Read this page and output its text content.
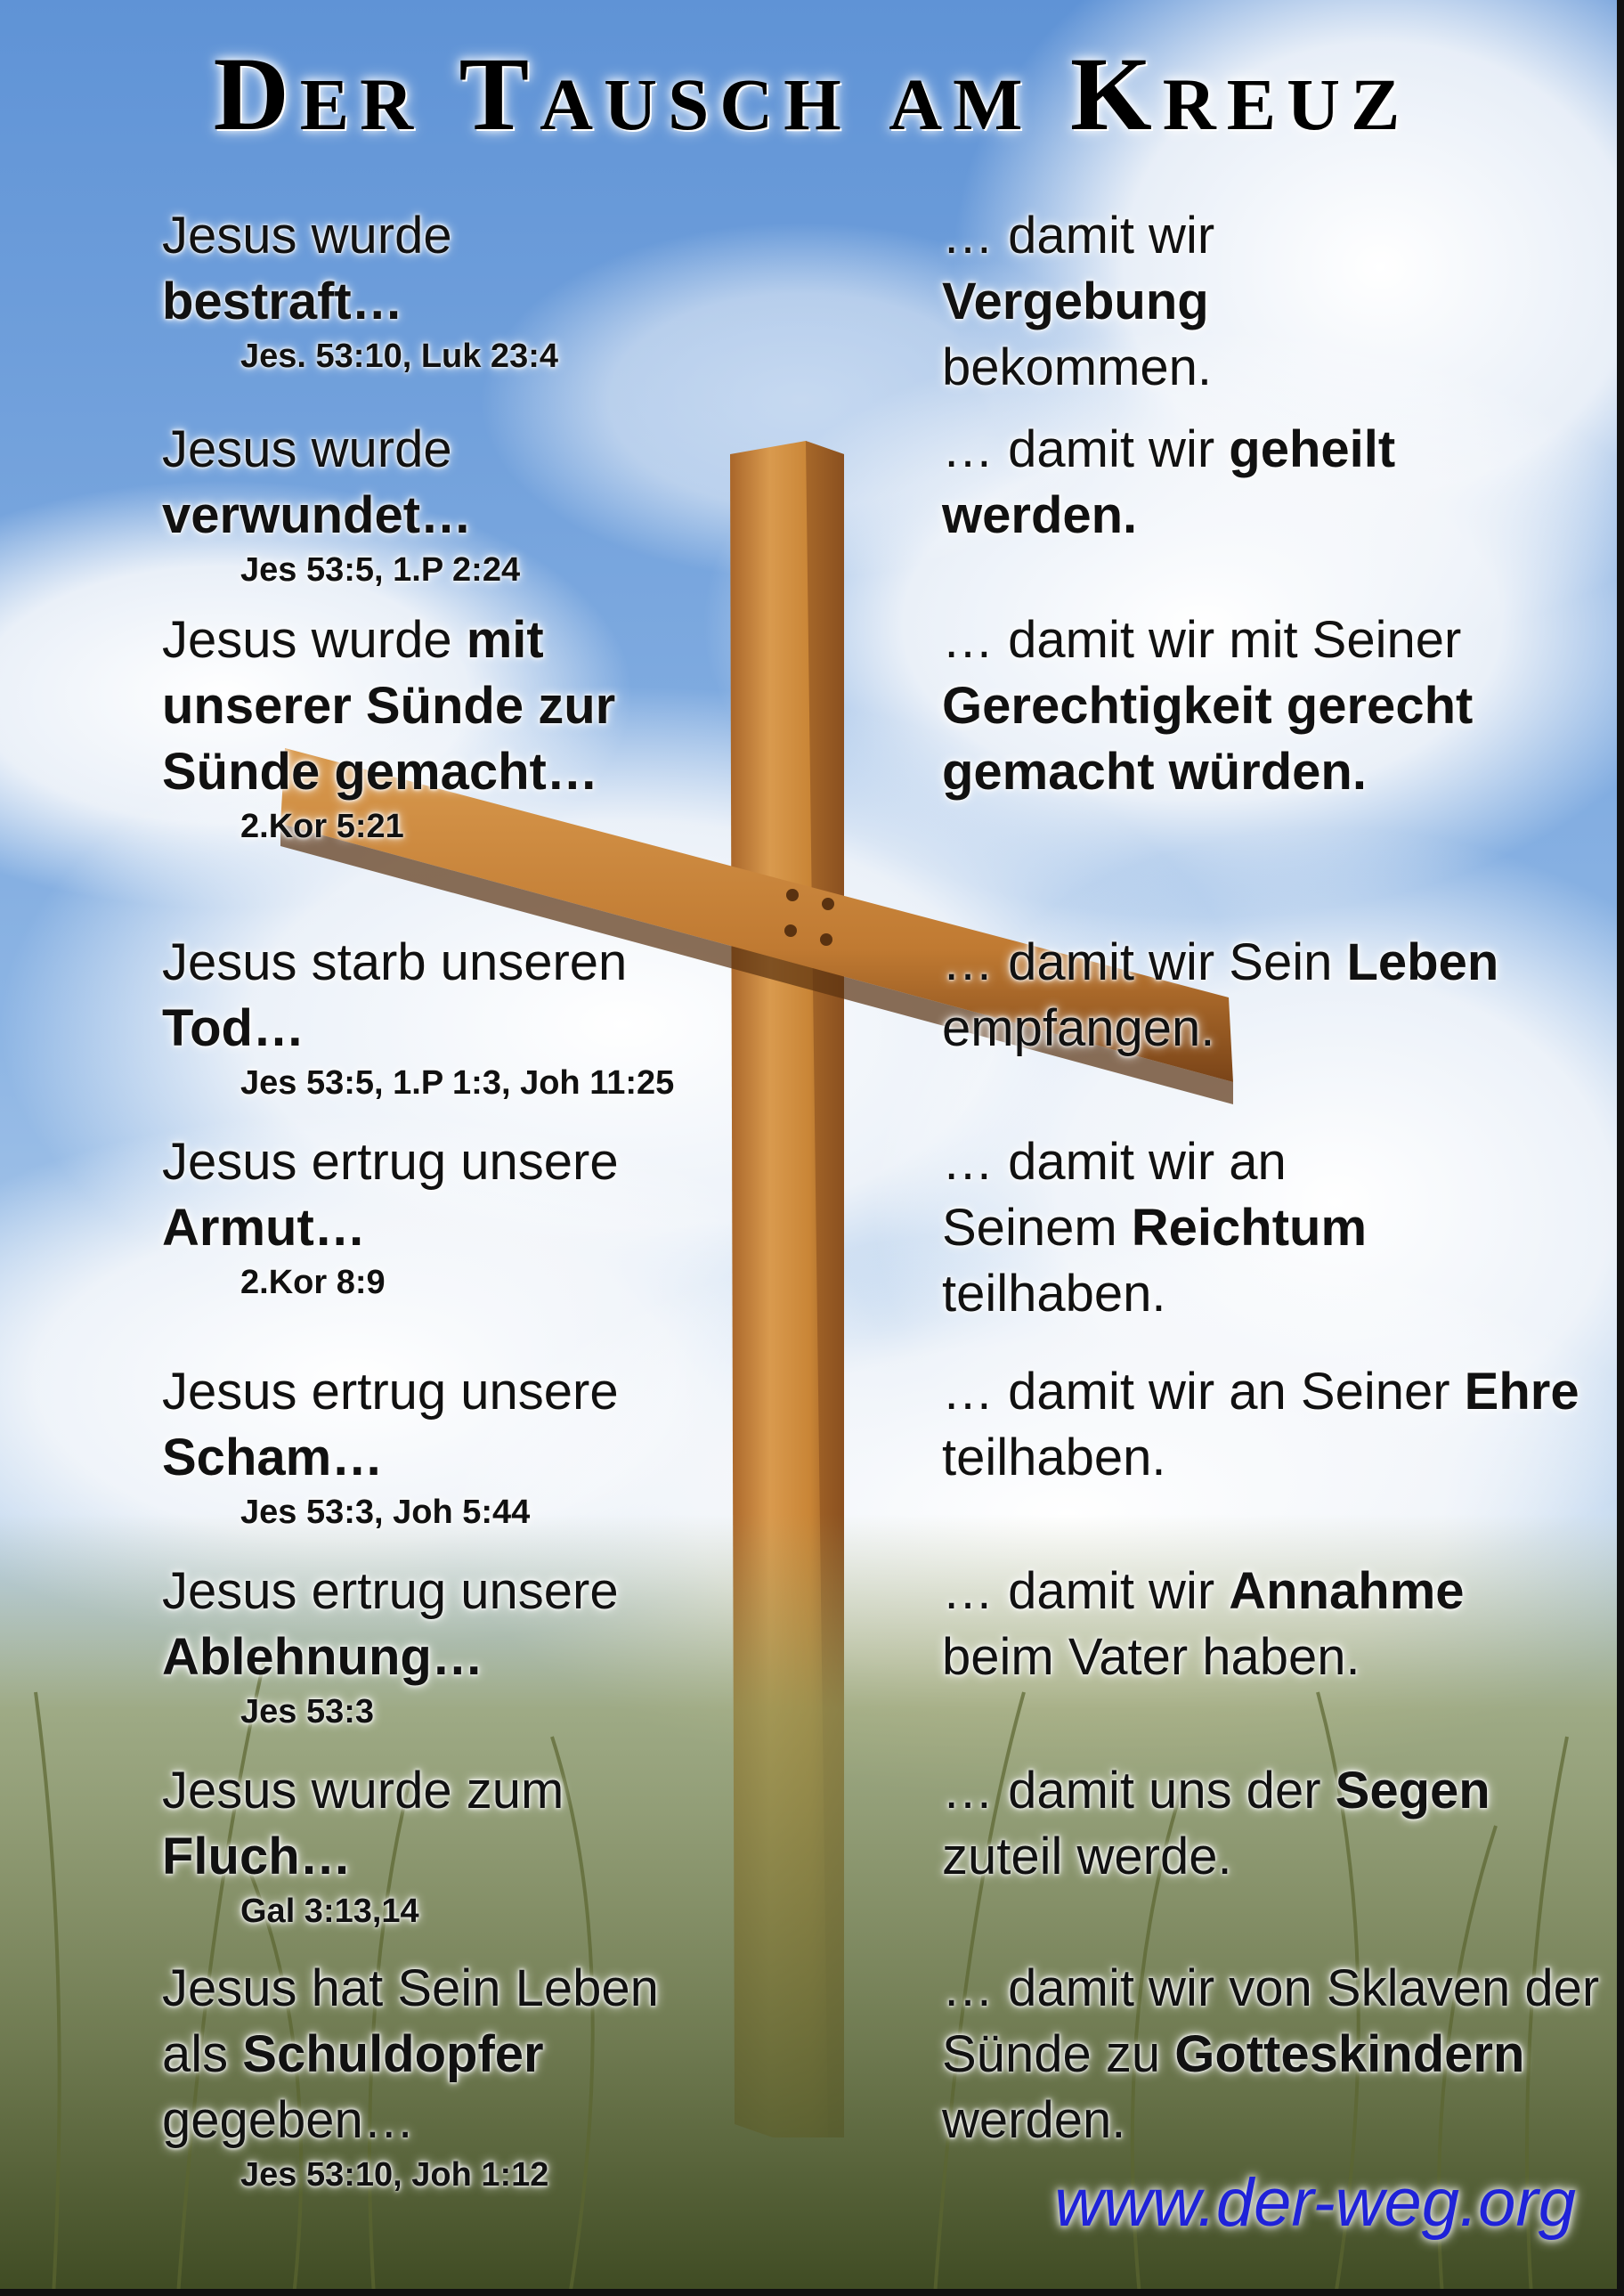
Der Tausch am Kreuz
Jesus wurde bestraft…
Jes. 53:10, Luk 23:4
… damit wir Vergebung bekommen.
Jesus wurde verwundet…
Jes 53:5, 1.P 2:24
… damit wir geheilt werden.
Jesus wurde mit unserer Sünde zur Sünde gemacht…
2.Kor 5:21
… damit wir mit Seiner Gerechtigkeit gerecht gemacht würden.
Jesus starb unseren Tod…
Jes 53:5, 1.P 1:3, Joh 11:25
… damit wir Sein Leben empfangen.
Jesus ertrug unsere Armut…
2.Kor 8:9
… damit wir an Seinem Reichtum teilhaben.
Jesus ertrug unsere Scham…
Jes 53:3, Joh 5:44
… damit wir an Seiner Ehre teilhaben.
Jesus ertrug unsere Ablehnung…
Jes 53:3
… damit wir Annahme beim Vater haben.
Jesus wurde zum Fluch…
Gal 3:13,14
… damit uns der Segen zuteil werde.
Jesus hat Sein Leben als Schuldopfer gegeben…
Jes 53:10, Joh 1:12
… damit wir von Sklaven der Sünde zu Gotteskindern werden.
www.der-weg.org
